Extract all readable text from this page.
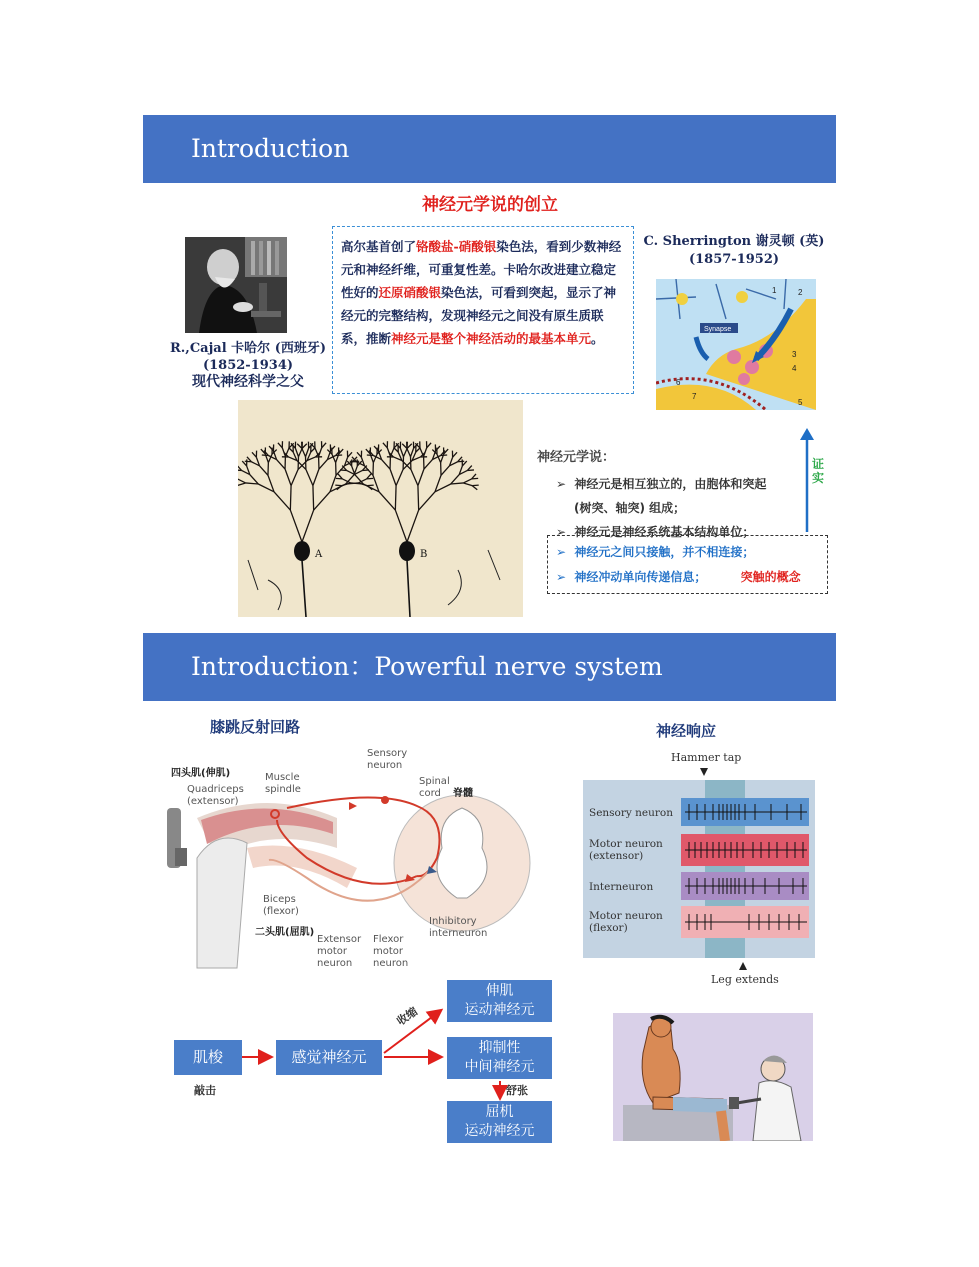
Introduction
神经元学说的创立
R.,Cajal 卡哈尔 (西班牙)
(1852-1934)
现代神经科学之父
高尔基首创了铬酸盐-硝酸银染色法，看到少数神经元和神经纤维，可重复性差。卡哈尔改进建立稳定性好的还原硝酸银染色法，可看到突起，显示了神经元的完整结构，发现神经元之间没有原生质联系，推断神经元是整个神经活动的最基本单元。
C. Sherrington 谢灵顿 (英)
(1857-1952)
Synapse
1	2
3
4
5
6
7
A	B
神经元学说：
➢ 神经元是相互独立的，由胞体和突起
(树突、轴突) 组成；
➢ 神经元是神经系统基本结构单位；
➢ 神经元之间只接触，并不相连接；
➢ 神经冲动单向传递信息；	突触的概念
证实
Introduction：Powerful nerve system
膝跳反射回路	神经响应
四头肌(伸肌)
Quadriceps
(extensor)
Muscle
spindle
Sensory
neuron
Spinal
cord	脊髓
Biceps
(flexor)
二头肌(屈肌)
Extensor
motor
neuron
Flexor
motor
neuron
Inhibitory
interneuron
Hammer tap
Sensory neuron
Motor neuron (extensor)
Interneuron
Motor neuron (flexor)
Leg extends
肌梭
敲击
感觉神经元
伸肌
运动神经元
抑制性
中间神经元
屈机
运动神经元
收缩
舒张
